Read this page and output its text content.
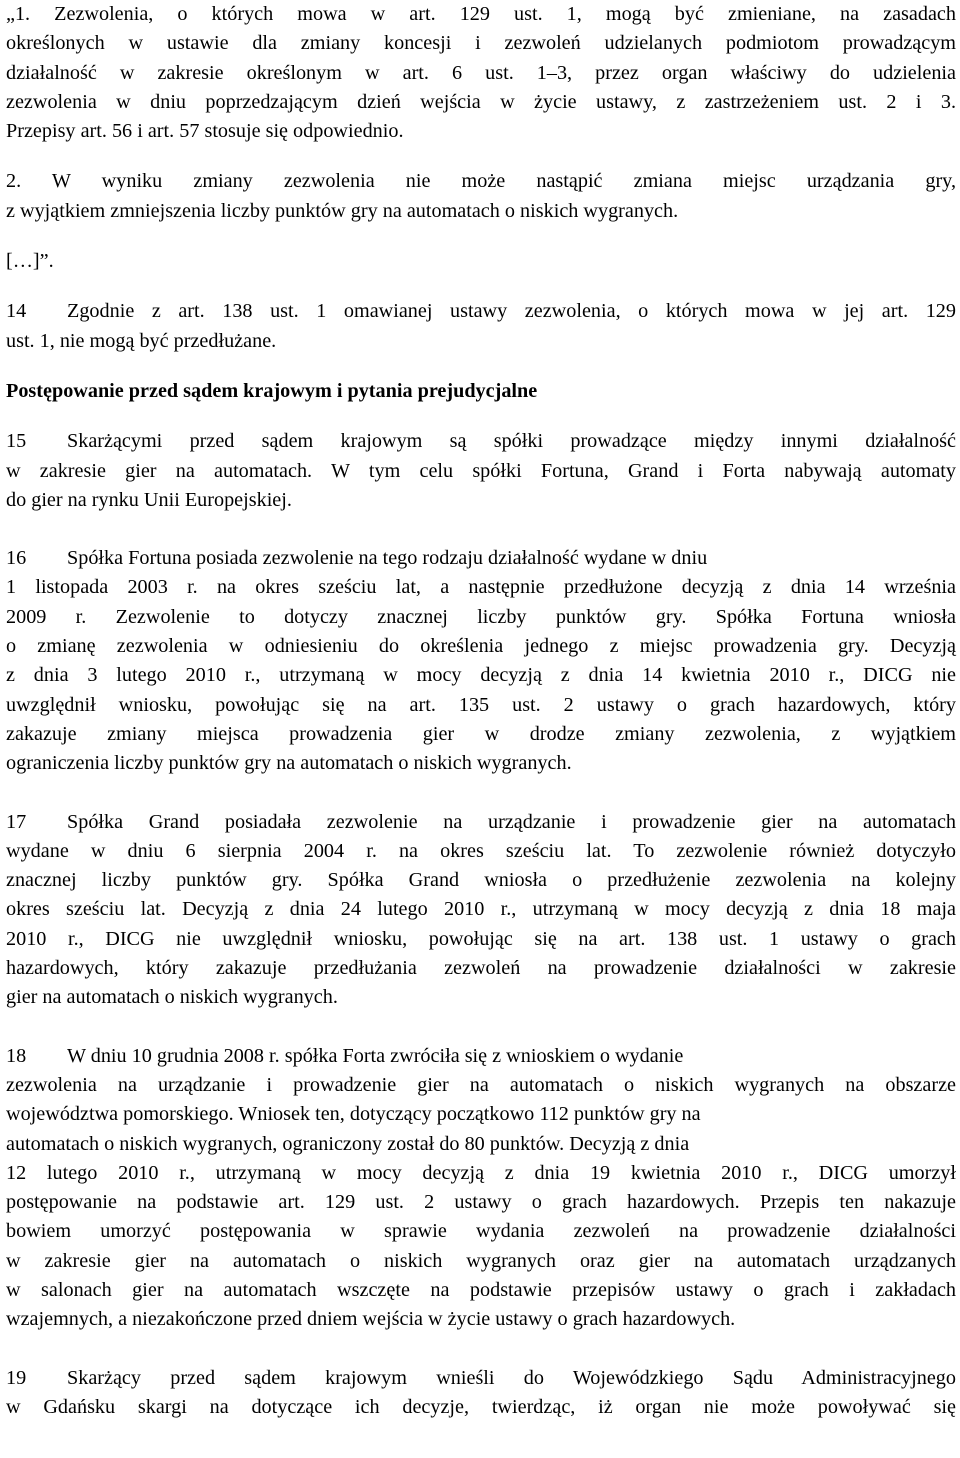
„1. Zezwolenia, o których mowa w art. 129 ust. 1, mogą być zmieniane, na zasadach
określonych w ustawie dla zmiany koncesji i zezwoleń udzielanych podmiotom prowadzącym
działalność w zakresie określonym w art. 6 ust. 1–3, przez organ właściwy do udzielenia
zezwolenia w dniu poprzedzającym dzień wejścia w życie ustawy, z zastrzeżeniem ust. 2 i 3.
Przepisy art. 56 i art. 57 stosuje się odpowiednio.
2. W wyniku zmiany zezwolenia nie może nastąpić zmiana miejsc urządzania gry,
z wyjątkiem zmniejszenia liczby punktów gry na automatach o niskich wygranych.
[…]”.
14 Zgodnie z art. 138 ust. 1 omawianej ustawy zezwolenia, o których mowa w jej art. 129
ust. 1, nie mogą być przedłużane.
Postępowanie przed sądem krajowym i pytania prejudycjalne
15 Skarżącymi przed sądem krajowym są spółki prowadzące między innymi działalność
w zakresie gier na automatach. W tym celu spółki Fortuna, Grand i Forta nabywają automaty
do gier na rynku Unii Europejskiej.
16 Spółka Fortuna posiada zezwolenie na tego rodzaju działalność wydane w dniu
1 listopada 2003 r. na okres sześciu lat, a następnie przedłużone decyzją z dnia 14 września
2009 r. Zezwolenie to dotyczy znacznej liczby punktów gry. Spółka Fortuna wniosła
o zmianę zezwolenia w odniesieniu do określenia jednego z miejsc prowadzenia gry. Decyzją
z dnia 3 lutego 2010 r., utrzymaną w mocy decyzją z dnia 14 kwietnia 2010 r., DICG nie
uwzględnił wniosku, powołując się na art. 135 ust. 2 ustawy o grach hazardowych, który
zakazuje zmiany miejsca prowadzenia gier w drodze zmiany zezwolenia, z wyjątkiem
ograniczenia liczby punktów gry na automatach o niskich wygranych.
17 Spółka Grand posiadała zezwolenie na urządzanie i prowadzenie gier na automatach
wydane w dniu 6 sierpnia 2004 r. na okres sześciu lat. To zezwolenie również dotyczyło
znacznej liczby punktów gry. Spółka Grand wniosła o przedłużenie zezwolenia na kolejny
okres sześciu lat. Decyzją z dnia 24 lutego 2010 r., utrzymaną w mocy decyzją z dnia 18 maja
2010 r., DICG nie uwzględnił wniosku, powołując się na art. 138 ust. 1 ustawy o grach
hazardowych, który zakazuje przedłużania zezwoleń na prowadzenie działalności w zakresie
gier na automatach o niskich wygranych.
18 W dniu 10 grudnia 2008 r. spółka Forta zwróciła się z wnioskiem o wydanie
zezwolenia na urządzanie i prowadzenie gier na automatach o niskich wygranych na obszarze
województwa pomorskiego. Wniosek ten, dotyczący początkowo 112 punktów gry na
automatach o niskich wygranych, ograniczony został do 80 punktów. Decyzją z dnia
12 lutego 2010 r., utrzymaną w mocy decyzją z dnia 19 kwietnia 2010 r., DICG umorzył
postępowanie na podstawie art. 129 ust. 2 ustawy o grach hazardowych. Przepis ten nakazuje
bowiem umorzyć postępowania w sprawie wydania zezwoleń na prowadzenie działalności
w zakresie gier na automatach o niskich wygranych oraz gier na automatach urządzanych
w salonach gier na automatach wszczęte na podstawie przepisów ustawy o grach i zakładach
wzajemnych, a niezakończone przed dniem wejścia w życie ustawy o grach hazardowych.
19 Skarżący przed sądem krajowym wnieśli do Wojewódzkiego Sądu Administracyjnego
w Gdańsku skargi na dotyczące ich decyzje, twierdząc, iż organ nie może powoływać się
